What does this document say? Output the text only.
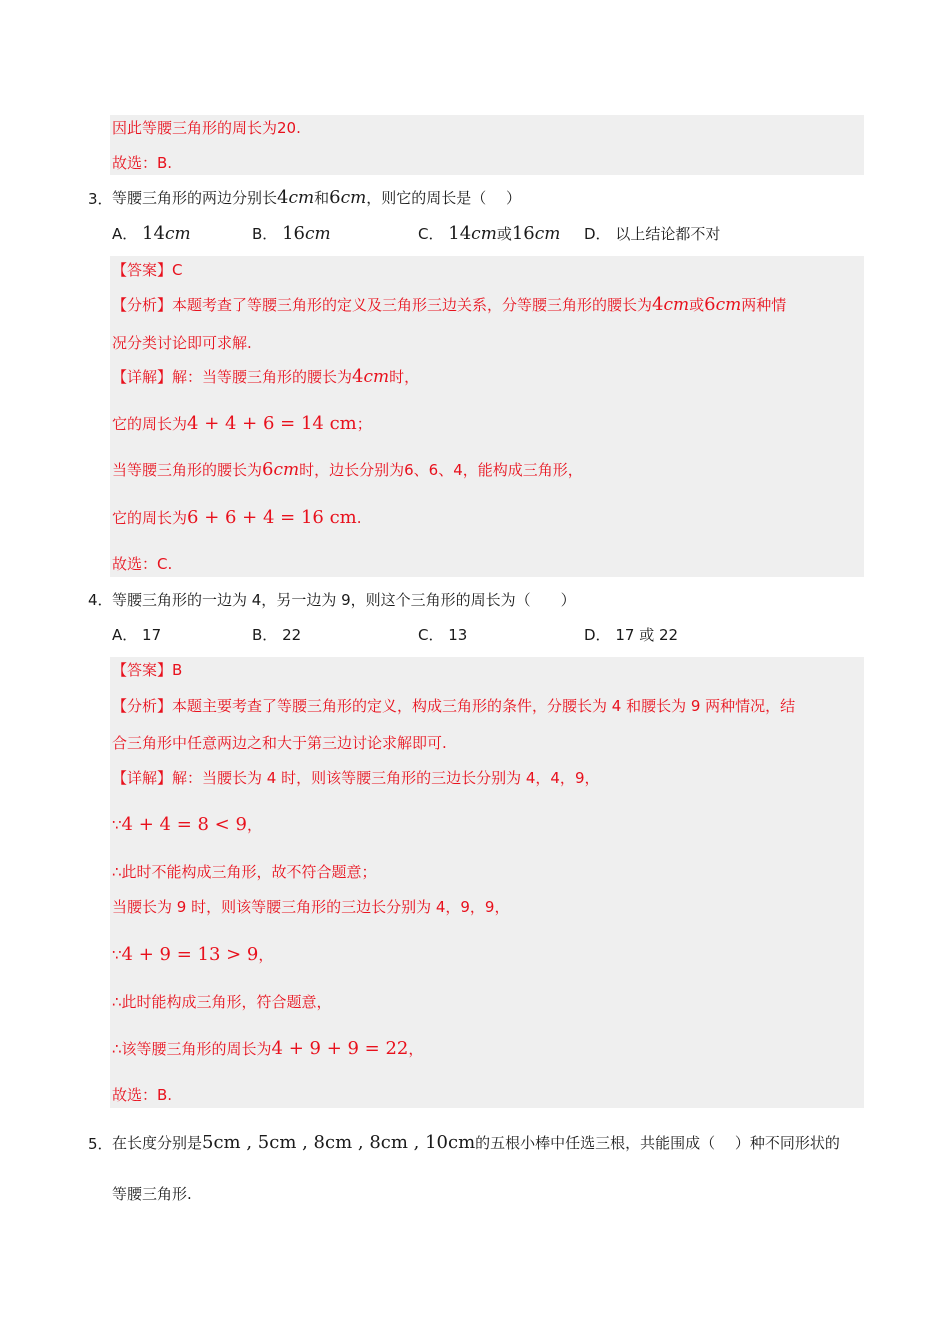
因此等腰三角形的周长为20.
故选：B.
3． 等腰三角形的两边分别长4cm和6cm，则它的周长是（　 ）
A． 14cm	B． 16cm	C． 14cm或16cm D． 以上结论都不对
【答案】C
【分析】本题考查了等腰三角形的定义及三角形三边关系，分等腰三角形的腰长为4cm或6cm两种情
况分类讨论即可求解.
【详解】解：当等腰三角形的腰长为4cm时，
它的周长为4 + 4 + 6 = 14 cm；
当等腰三角形的腰长为6cm时，边长分别为6、6、4，能构成三角形，
它的周长为6 + 6 + 4 = 16 cm.
故选：C.
4． 等腰三角形的一边为 4，另一边为 9，则这个三角形的周长为（　　）
A． 17	B． 22	C． 13	D． 17 或 22
【答案】B
【分析】本题主要考查了等腰三角形的定义，构成三角形的条件，分腰长为 4 和腰长为 9 两种情况，结
合三角形中任意两边之和大于第三边讨论求解即可.
【详解】解：当腰长为 4 时，则该等腰三角形的三边长分别为 4，4，9，
∵4 + 4 = 8 < 9，
∴此时不能构成三角形，故不符合题意；
当腰长为 9 时，则该等腰三角形的三边长分别为 4，9，9，
∵4 + 9 = 13 > 9，
∴此时能构成三角形，符合题意，
∴该等腰三角形的周长为4 + 9 + 9 = 22，
故选：B.
5． 在长度分别是5cm , 5cm , 8cm , 8cm , 10cm的五根小棒中任选三根，共能围成（　 ）种不同形状的
等腰三角形.
